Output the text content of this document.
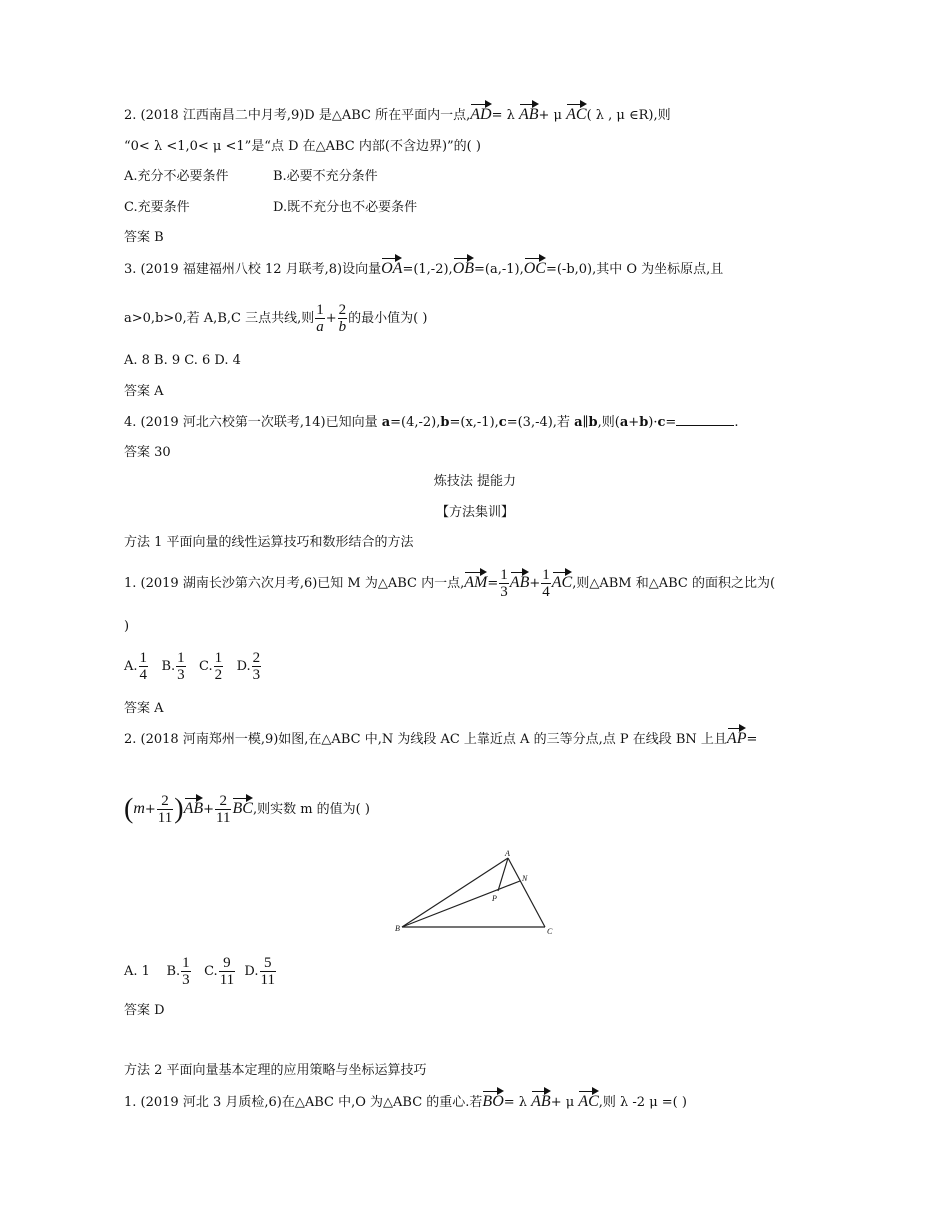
2. (2018 江西南昌二中月考,9)D 是△ABC 所在平面内一点,AD= λ AB+ μ AC( λ , μ ∈R),则
“0< λ <1,0< μ <1”是“点 D 在△ABC 内部(不含边界)”的( )
A.充分不必要条件	B.必要不充分条件
C.充要条件	D.既不充分也不必要条件
答案 B
3. (2019 福建福州八校 12 月联考,8)设向量OA=(1,-2),OB=(a,-1),OC=(-b,0),其中 O 为坐标原点,且
a>0,b>0,若 A,B,C 三点共线,则 $\frac{1}{a} + \frac{2}{b}$ 的最小值为( )
A. 8 B. 9 C. 6 D. 4
答案 A
4. (2019 河北六校第一次联考,14)已知向量 a=(4,-2),b=(x,-1),c=(3,-4),若 a∥b,则(a+b)·c=	.
答案 30
炼技法 提能力
【方法集训】
方法 1 平面向量的线性运算技巧和数形结合的方法
1. (2019 湖南长沙第六次月考,6)已知 M 为△ABC 内一点$,AM= \frac{1}{3} AB+ \frac{1}{4}$ AC,则△ABM 和△ABC 的面积之比为(
)
A. $\frac{1}{4} B$. $\frac{1}{3} C$. $\frac{1}{2} D$. $\frac{2}{3}$
答案 A
2. (2018 河南郑州一模,9)如图,在△ABC 中,N 为线段 AC 上靠近点 A 的三等分点,点 P 在线段 BN 上且AP=
$(m+ \frac{2}{11} )AB+ \frac{2}{11}$ BC,则实数 m 的值为( )
A
B	C
N
P
A. 1 B. $\frac{1}{3} C$. $\frac{9}{11} D$. $\frac{5}{11}$
答案 D
方法 2 平面向量基本定理的应用策略与坐标运算技巧
1. (2019 河北 3 月质检,6)在△ABC 中,O 为△ABC 的重心.若BO= λ AB+ μ AC,则 λ -2 μ =( )
